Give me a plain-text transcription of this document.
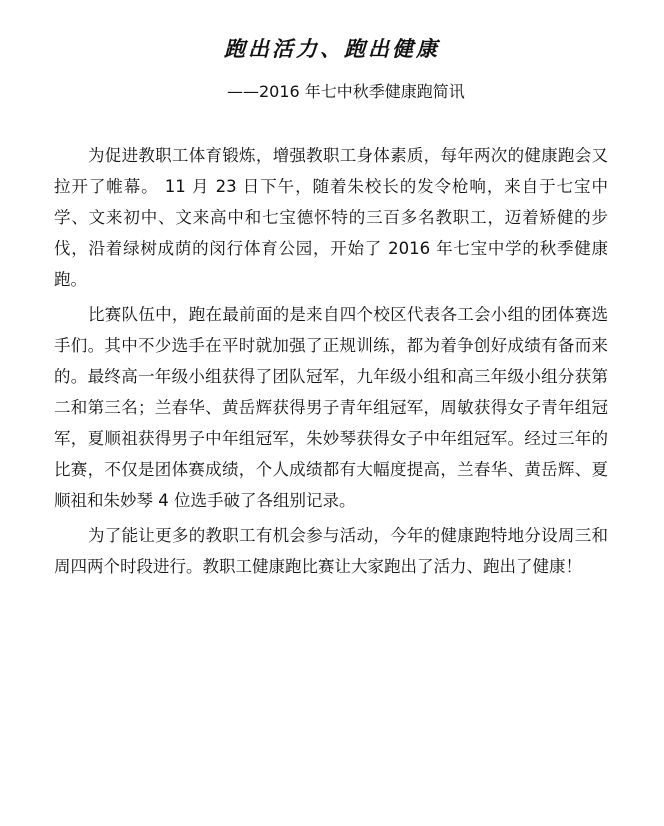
跑出活力、跑出健康
——2016 年七中秋季健康跑简讯

为促进教职工体育锻炼，增强教职工身体素质，每年两次的健康跑会又拉开了帷幕。 11 月 23 日下午，随着朱校长的发令枪响，来自于七宝中学、文来初中、文来高中和七宝德怀特的三百多名教职工，迈着矫健的步伐，沿着绿树成荫的闵行体育公园，开始了 2016 年七宝中学的秋季健康跑。

比赛队伍中，跑在最前面的是来自四个校区代表各工会小组的团体赛选手们。其中不少选手在平时就加强了正规训练，都为着争创好成绩有备而来的。最终高一年级小组获得了团队冠军，九年级小组和高三年级小组分获第二和第三名；兰春华、黄岳辉获得男子青年组冠军，周敏获得女子青年组冠军，夏顺祖获得男子中年组冠军，朱妙琴获得女子中年组冠军。经过三年的比赛，不仅是团体赛成绩，个人成绩都有大幅度提高，兰春华、黄岳辉、夏顺祖和朱妙琴 4 位选手破了各组别记录。

为了能让更多的教职工有机会参与活动，今年的健康跑特地分设周三和周四两个时段进行。教职工健康跑比赛让大家跑出了活力、跑出了健康！
